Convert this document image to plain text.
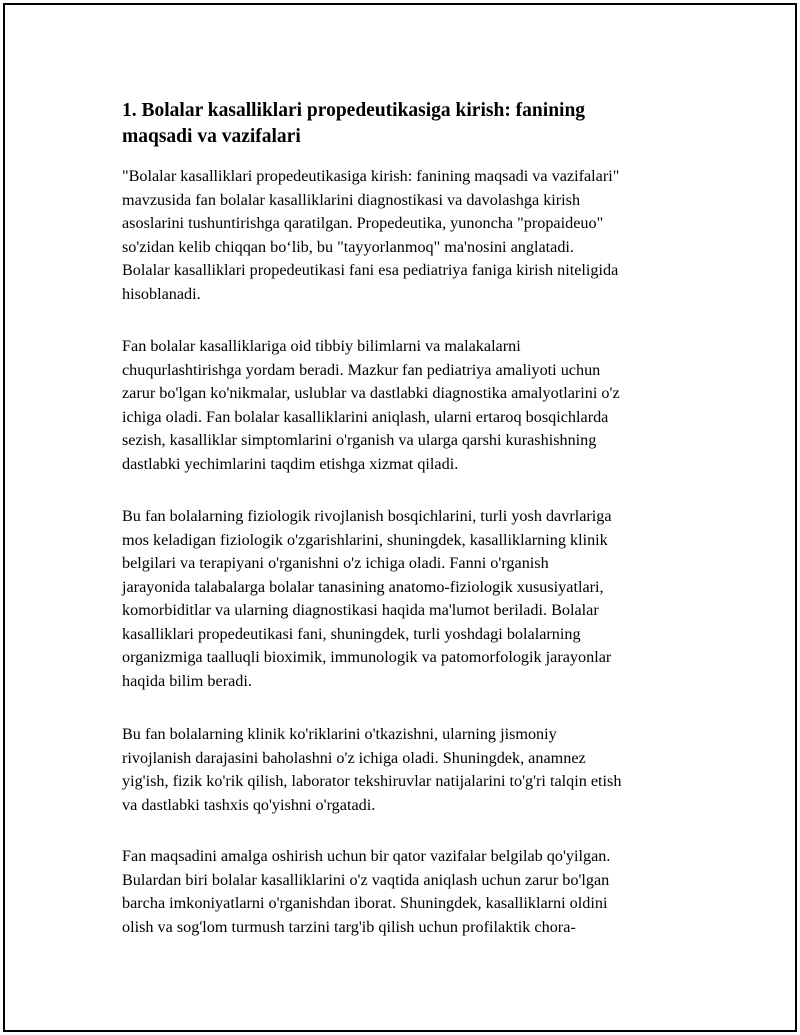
1. Bolalar kasalliklari propedeutikasiga kirish: fanining
maqsadi va vazifalari

"Bolalar kasalliklari propedeutikasiga kirish: fanining maqsadi va vazifalari"
mavzusida fan bolalar kasalliklarini diagnostikasi va davolashga kirish
asoslarini tushuntirishga qaratilgan. Propedeutika, yunoncha "propaideuo"
so'zidan kelib chiqqan bo‘lib, bu "tayyorlanmoq" ma'nosini anglatadi.
Bolalar kasalliklari propedeutikasi fani esa pediatriya faniga kirish niteligida
hisoblanadi.

Fan bolalar kasalliklariga oid tibbiy bilimlarni va malakalarni
chuqurlashtirishga yordam beradi. Mazkur fan pediatriya amaliyoti uchun
zarur bo'lgan ko'nikmalar, uslublar va dastlabki diagnostika amalyotlarini o'z
ichiga oladi. Fan bolalar kasalliklarini aniqlash, ularni ertaroq bosqichlarda
sezish, kasalliklar simptomlarini o'rganish va ularga qarshi kurashishning
dastlabki yechimlarini taqdim etishga xizmat qiladi.

Bu fan bolalarning fiziologik rivojlanish bosqichlarini, turli yosh davrlariga
mos keladigan fiziologik o'zgarishlarini, shuningdek, kasalliklarning klinik
belgilari va terapiyani o'rganishni o'z ichiga oladi. Fanni o'rganish
jarayonida talabalarga bolalar tanasining anatomo-fiziologik xususiyatlari,
komorbiditlar va ularning diagnostikasi haqida ma'lumot beriladi. Bolalar
kasalliklari propedeutikasi fani, shuningdek, turli yoshdagi bolalarning
organizmiga taalluqli bioximik, immunologik va patomorfologik jarayonlar
haqida bilim beradi.

Bu fan bolalarning klinik ko'riklarini o'tkazishni, ularning jismoniy
rivojlanish darajasini baholashni o'z ichiga oladi. Shuningdek, anamnez
yig'ish, fizik ko'rik qilish, laborator tekshiruvlar natijalarini to'g'ri talqin etish
va dastlabki tashxis qo'yishni o'rgatadi.

Fan maqsadini amalga oshirish uchun bir qator vazifalar belgilab qo'yilgan.
Bulardan biri bolalar kasalliklarini o'z vaqtida aniqlash uchun zarur bo'lgan
barcha imkoniyatlarni o'rganishdan iborat. Shuningdek, kasalliklarni oldini
olish va sog'lom turmush tarzini targ'ib qilish uchun profilaktik chora-
